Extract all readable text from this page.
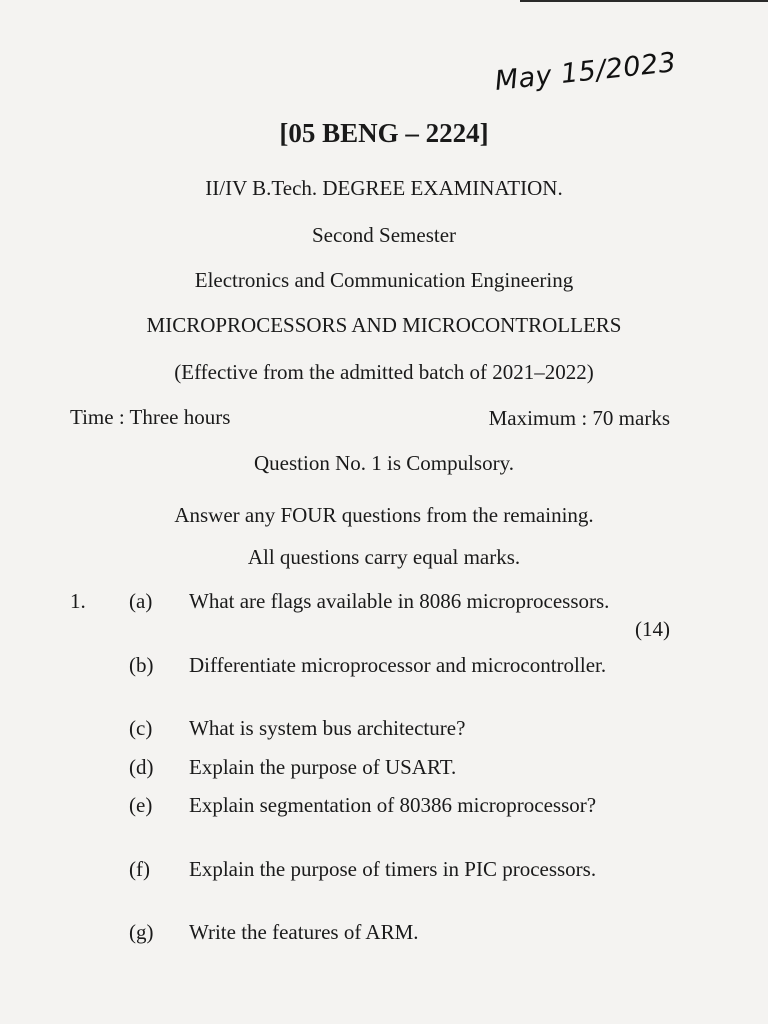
May 15/2023
[05 BENG – 2224]
II/IV B.Tech. DEGREE EXAMINATION.
Second Semester
Electronics and Communication Engineering
MICROPROCESSORS AND MICROCONTROLLERS
(Effective from the admitted batch of 2021–2022)
Time : Three hours	Maximum : 70 marks
Question No. 1 is Compulsory.
Answer any FOUR questions from the remaining.
All questions carry equal marks.
1. (a) What are flags available in 8086 microprocessors.
(14)
(b) Differentiate microprocessor and microcontroller.
(c) What is system bus architecture?
(d) Explain the purpose of USART.
(e) Explain segmentation of 80386 microprocessor?
(f) Explain the purpose of timers in PIC processors.
(g) Write the features of ARM.
